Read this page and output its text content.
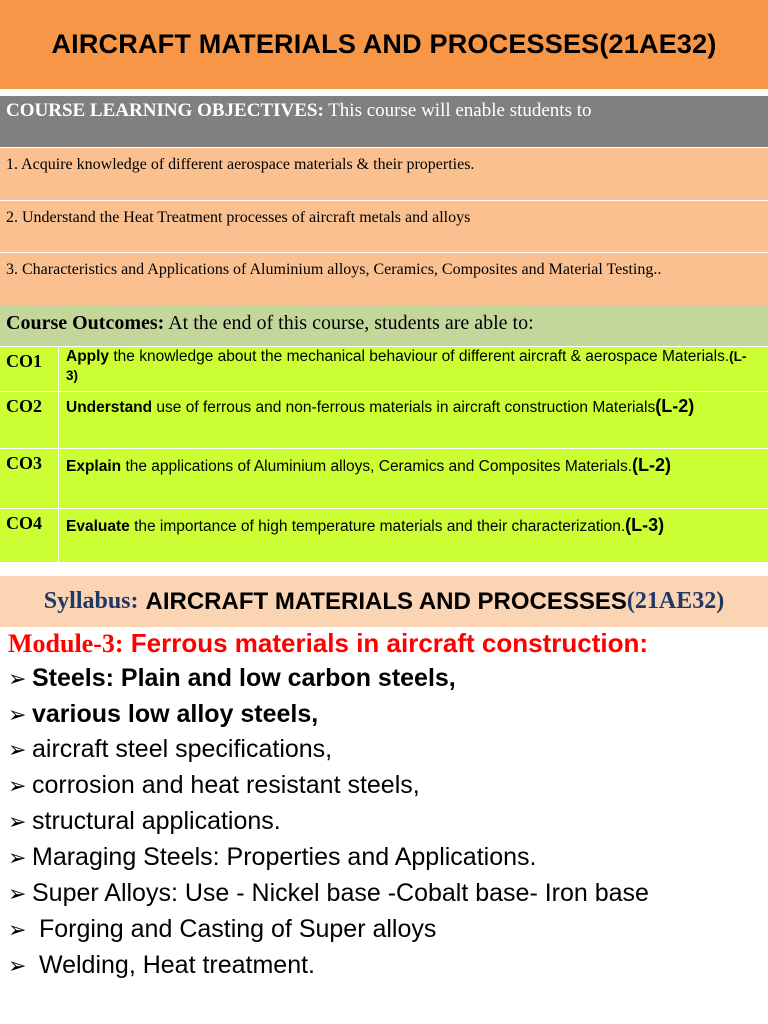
AIRCRAFT MATERIALS AND PROCESSES(21AE32)
COURSE LEARNING OBJECTIVES: This course will enable students to
1. Acquire knowledge of different aerospace materials & their properties.
2. Understand the Heat Treatment processes of aircraft metals and alloys
3. Characteristics and Applications of Aluminium alloys, Ceramics, Composites and Material Testing..
Course Outcomes: At the end of this course, students are able to:
CO1 Apply the knowledge about the mechanical behaviour of different aircraft & aerospace Materials.(L-3)
CO2 Understand use of ferrous and non-ferrous materials in aircraft construction Materials(L-2)
CO3 Explain the applications of Aluminium alloys, Ceramics and Composites Materials.(L-2)
CO4 Evaluate the importance of high temperature materials and their characterization.(L-3)
Syllabus: AIRCRAFT MATERIALS AND PROCESSES (21AE32)
Module-3: Ferrous materials in aircraft construction:
➢ Steels: Plain and low carbon steels,
➢ various low alloy steels,
➢ aircraft steel specifications,
➢ corrosion and heat resistant steels,
➢ structural applications.
➢ Maraging Steels: Properties and Applications.
➢ Super Alloys: Use - Nickel base -Cobalt base- Iron base
➢ Forging and Casting of Super alloys
➢ Welding, Heat treatment.
